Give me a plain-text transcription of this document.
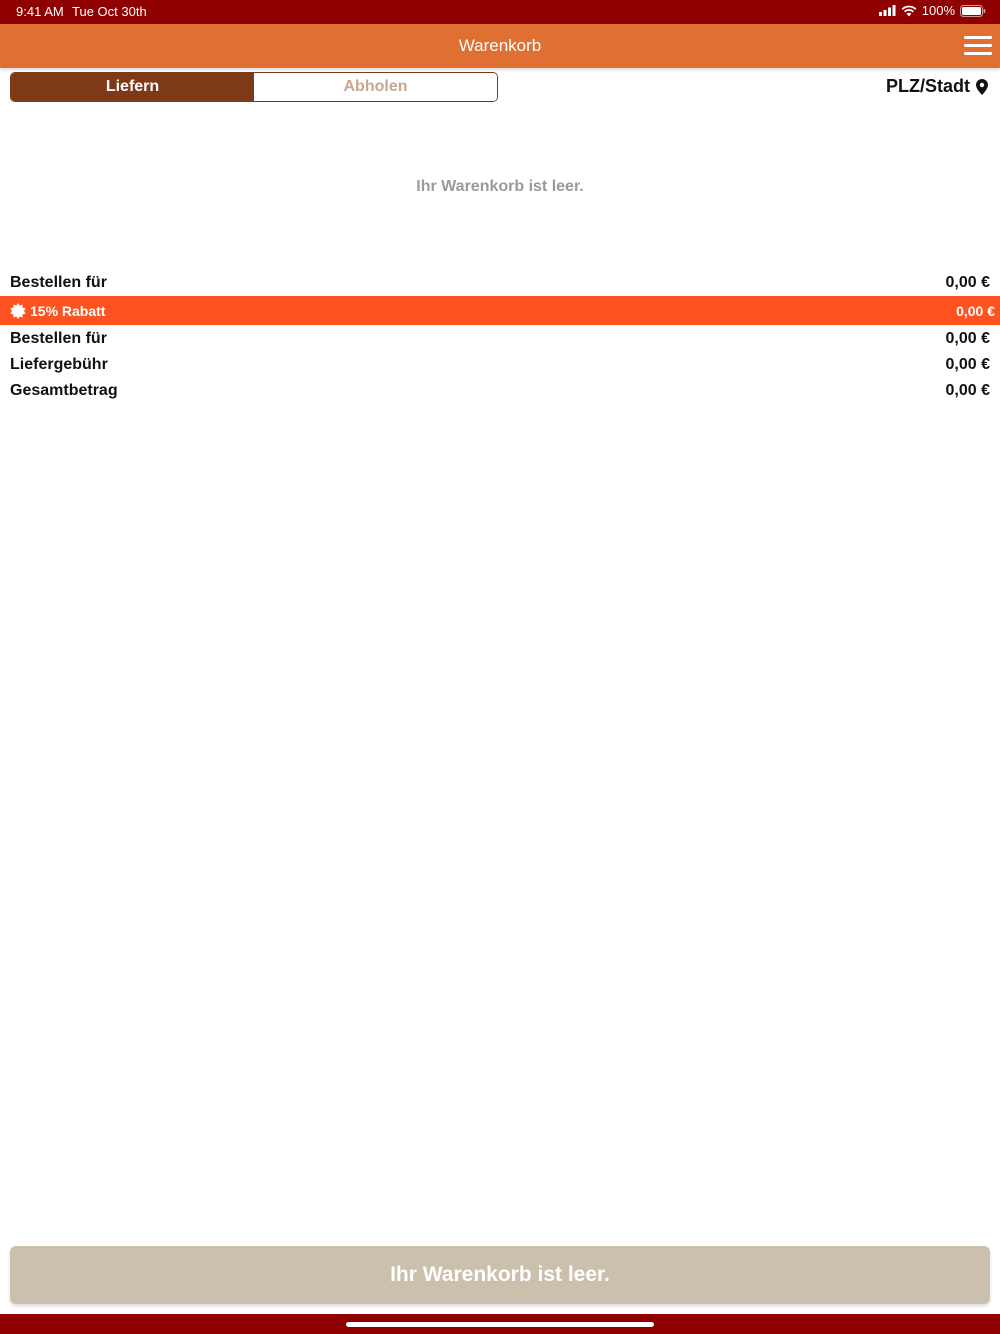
9:41 AM Tue Oct 30th	100%
Warenkorb
Liefern	Abholen	PLZ/Stadt
Ihr Warenkorb ist leer.
Bestellen für	0,00 €
15% Rabatt	0,00 €
Bestellen für	0,00 €
Liefergebühr	0,00 €
Gesamtbetrag	0,00 €
Ihr Warenkorb ist leer.
